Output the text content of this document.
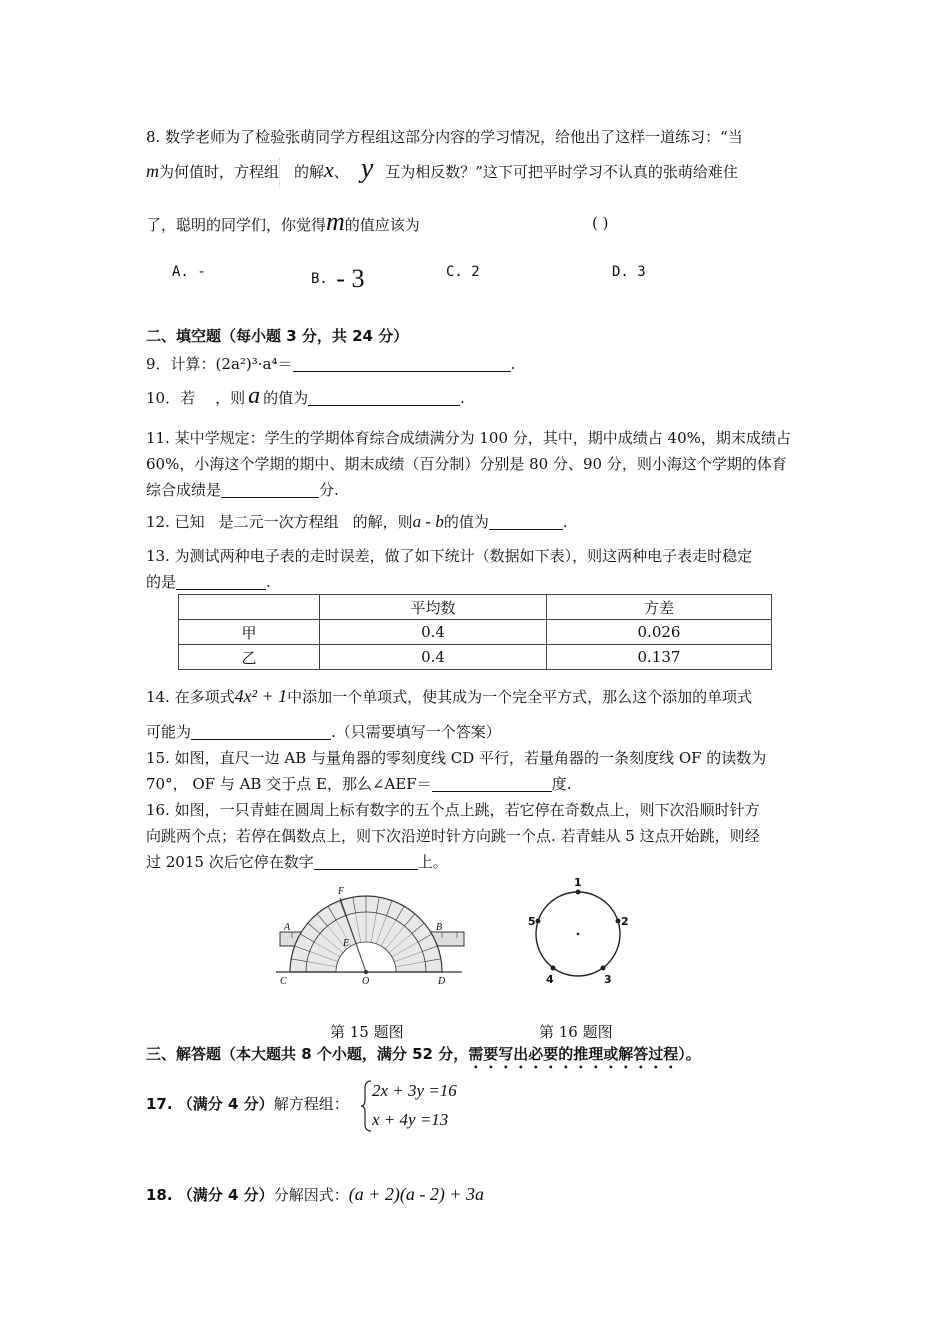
8. 数学老师为了检验张萌同学方程组这部分内容的学习情况，给他出了这样一道练习：“当
m为何值时，方程组 的解x、 y 互为相反数？”这下可把平时学习不认真的张萌给难住
了，聪明的同学们，你觉得m的值应该为	( )
A. -	B. - 3	C. 2	D. 3
二、填空题（每小题 3 分，共 24 分）
9．计算：(2a²)³·a⁴＝	.
10．若 ，则 a 的值为	.
11. 某中学规定：学生的学期体育综合成绩满分为 100 分，其中，期中成绩占 40%，期末成绩占
60%，小海这个学期的期中、期末成绩（百分制）分别是 80 分、90 分，则小海这个学期的体育
综合成绩是	分.
12. 已知 是二元一次方程组 的解，则a - b的值为	.
13. 为测试两种电子表的走时误差，做了如下统计（数据如下表），则这两种电子表走时稳定
的是	.
	平均数	方差
甲	0.4	0.026
乙	0.4	0.137
14. 在多项式4x² + 1中添加一个单项式，使其成为一个完全平方式，那么这个添加的单项式
可能为	.（只需要填写一个答案）
15. 如图，直尺一边 AB 与量角器的零刻度线 CD 平行，若量角器的一条刻度线 OF 的读数为
70°， OF 与 AB 交于点 E，那么∠AEF＝	度.
16. 如图，一只青蛙在圆周上标有数字的五个点上跳，若它停在奇数点上，则下次沿顺时针方
向跳两个点；若停在偶数点上，则下次沿逆时针方向跳一个点. 若青蛙从 5 这点开始跳，则经
过 2015 次后它停在数字	上。
F
A	B
E
C	O	D
1
2
3
4
5
第 15 题图	第 16 题图
三、解答题（本大题共 8 个小题，满分 52 分，需要写出必要的推理或解答过程）。
17. （满分 4 分）解方程组：
2x + 3y =16
x + 4y =13
18. （满分 4 分）分解因式：(a + 2)(a - 2) + 3a
